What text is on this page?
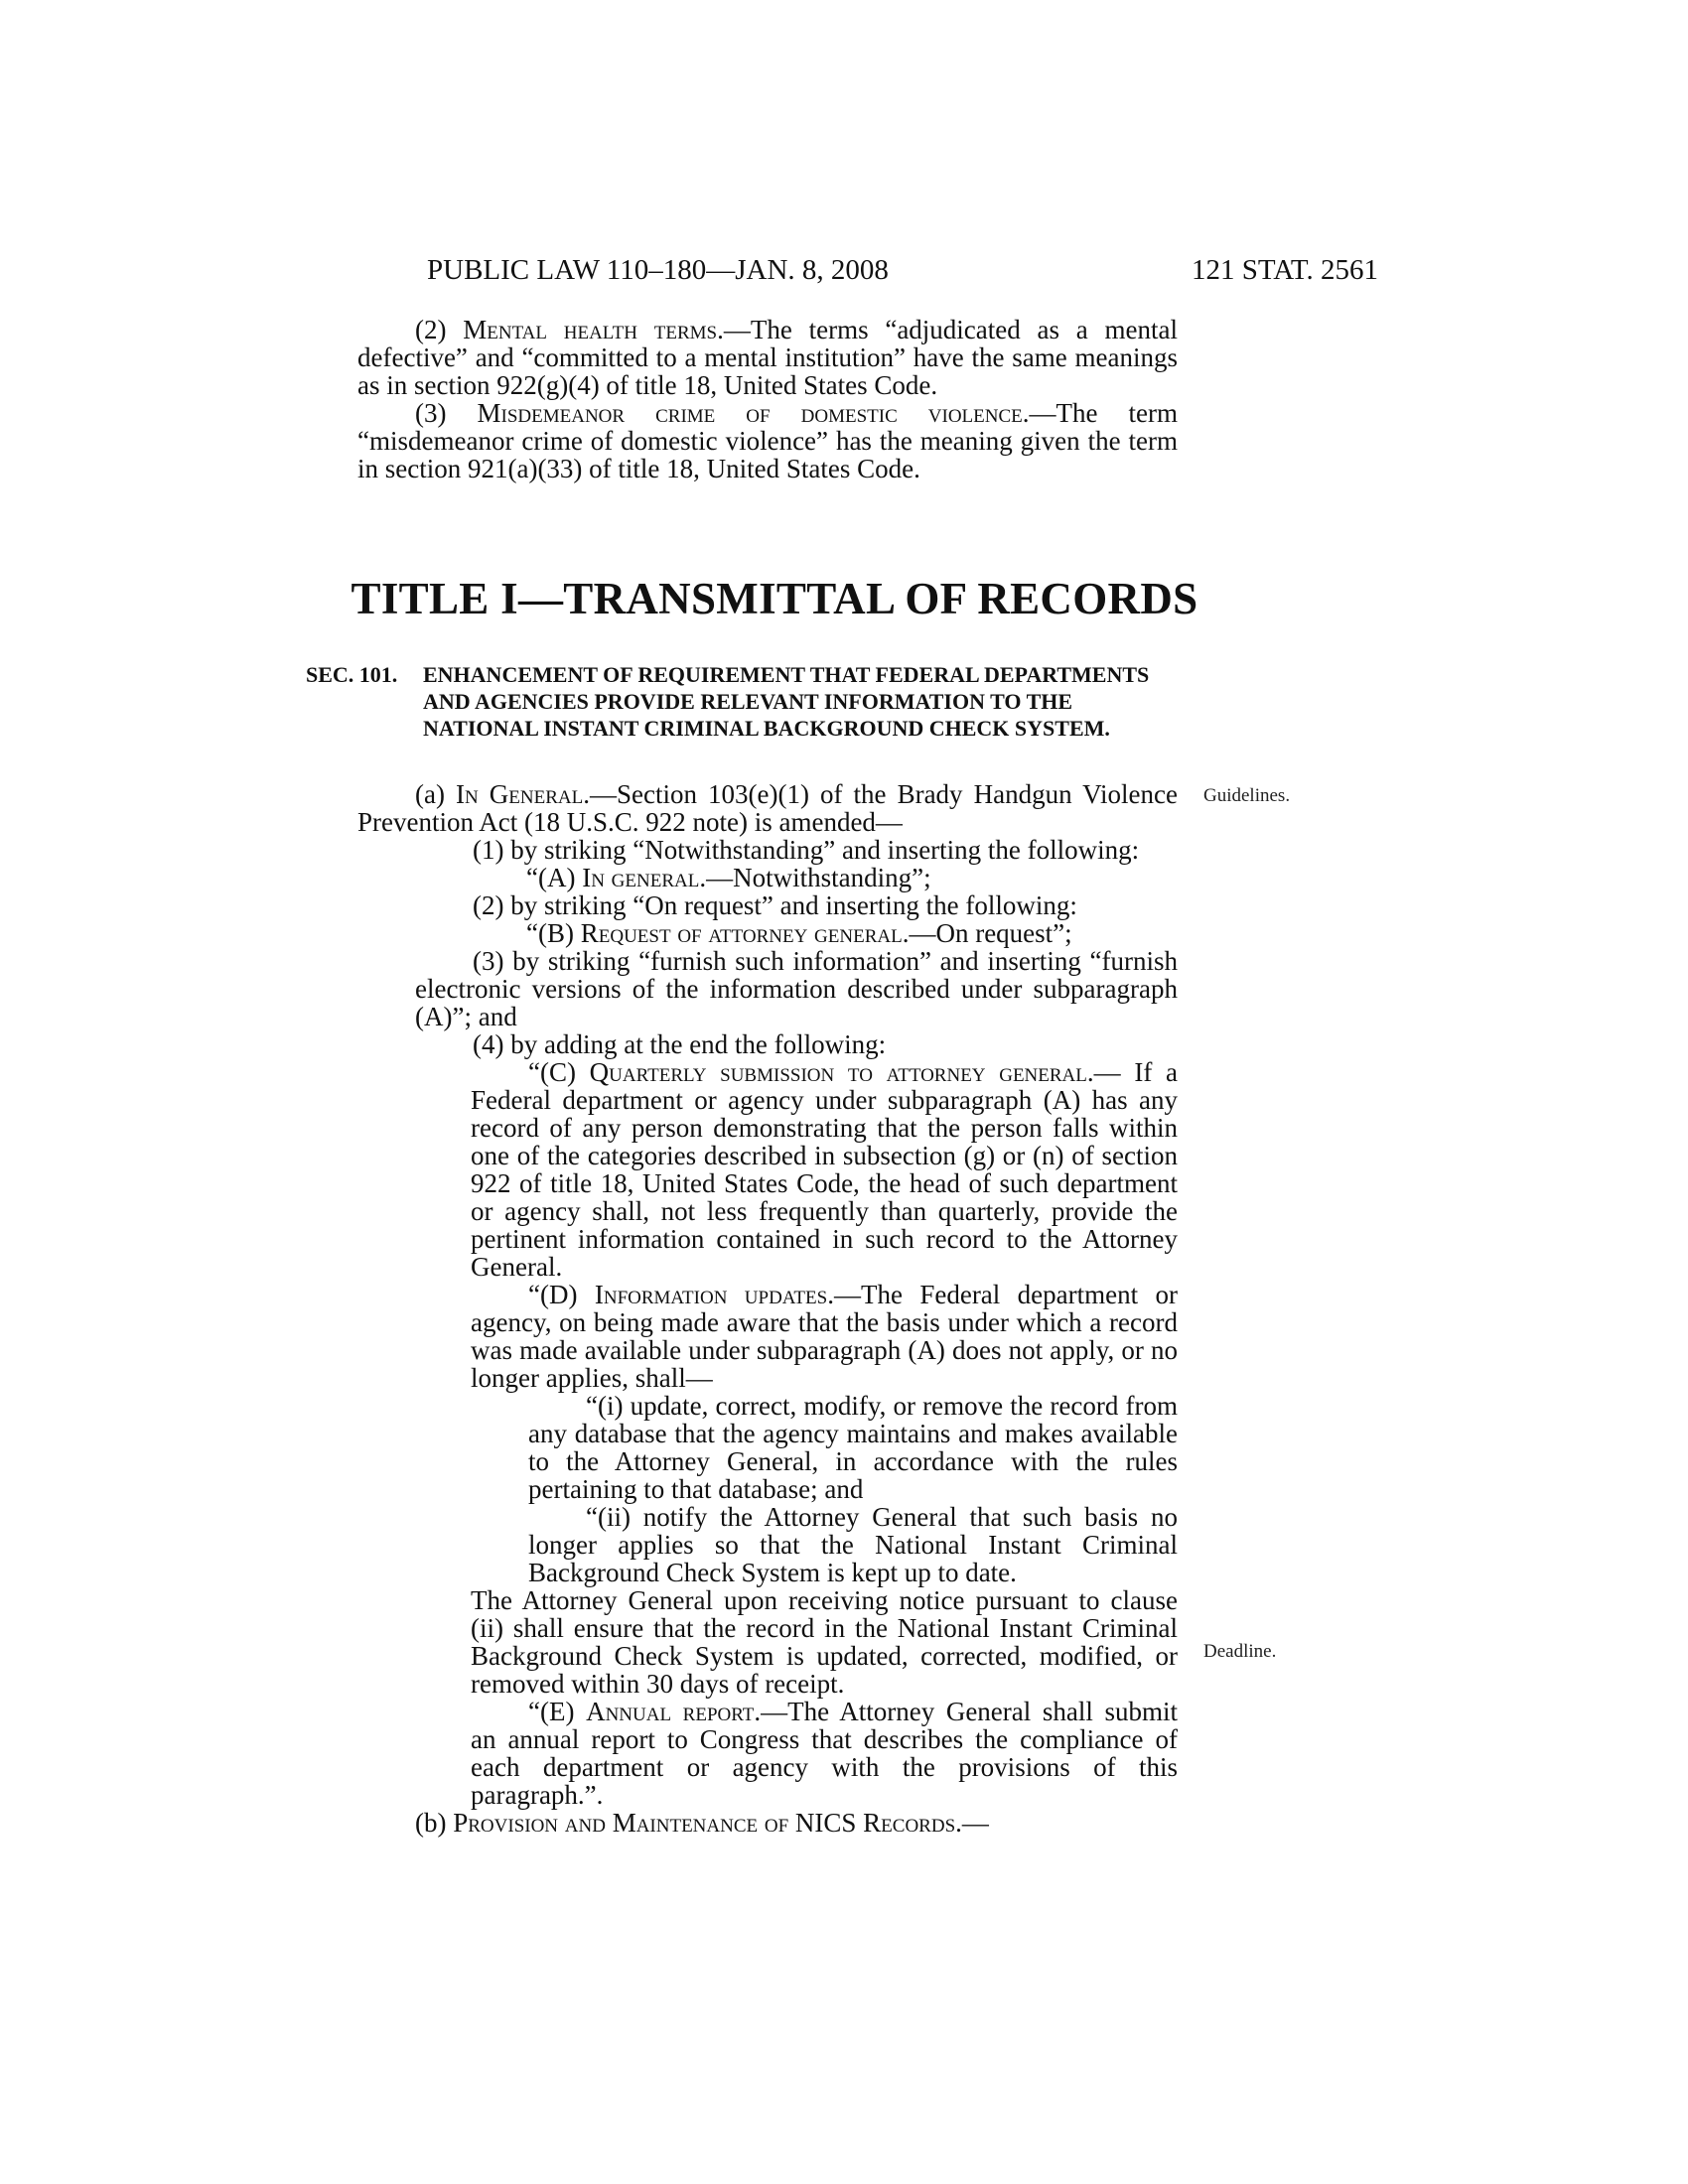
PUBLIC LAW 110–180—JAN. 8, 2008	121 STAT. 2561

(2) Mental health terms.—The terms “adjudicated as a mental defective” and “committed to a mental institution” have the same meanings as in section 922(g)(4) of title 18, United States Code.

(3) Misdemeanor crime of domestic violence.—The term “misdemeanor crime of domestic violence” has the meaning given the term in section 921(a)(33) of title 18, United States Code.

TITLE I—TRANSMITTAL OF RECORDS
SEC. 101. ENHANCEMENT OF REQUIREMENT THAT FEDERAL DEPARTMENTS AND AGENCIES PROVIDE RELEVANT INFORMATION TO THE NATIONAL INSTANT CRIMINAL BACKGROUND CHECK SYSTEM.

(a) In General.—Section 103(e)(1) of the Brady Handgun Violence Prevention Act (18 U.S.C. 922 note) is amended—

(1) by striking “Notwithstanding” and inserting the following:

“(A) In general.—Notwithstanding”;

(2) by striking “On request” and inserting the following:

“(B) Request of attorney general.—On request”;

(3) by striking “furnish such information” and inserting “furnish electronic versions of the information described under subparagraph (A)”; and

(4) by adding at the end the following:

“(C) Quarterly submission to attorney general.— If a Federal department or agency under subparagraph (A) has any record of any person demonstrating that the person falls within one of the categories described in subsection (g) or (n) of section 922 of title 18, United States Code, the head of such department or agency shall, not less frequently than quarterly, provide the pertinent information contained in such record to the Attorney General.

“(D) Information updates.—The Federal department or agency, on being made aware that the basis under which a record was made available under subparagraph (A) does not apply, or no longer applies, shall—

“(i) update, correct, modify, or remove the record from any database that the agency maintains and makes available to the Attorney General, in accordance with the rules pertaining to that database; and

“(ii) notify the Attorney General that such basis no longer applies so that the National Instant Criminal Background Check System is kept up to date.

The Attorney General upon receiving notice pursuant to clause (ii) shall ensure that the record in the National Instant Criminal Background Check System is updated, corrected, modified, or removed within 30 days of receipt.

“(E) Annual report.—The Attorney General shall submit an annual report to Congress that describes the compliance of each department or agency with the provisions of this paragraph.”.

(b) Provision and Maintenance of NICS Records.—

Guidelines.
Deadline.
